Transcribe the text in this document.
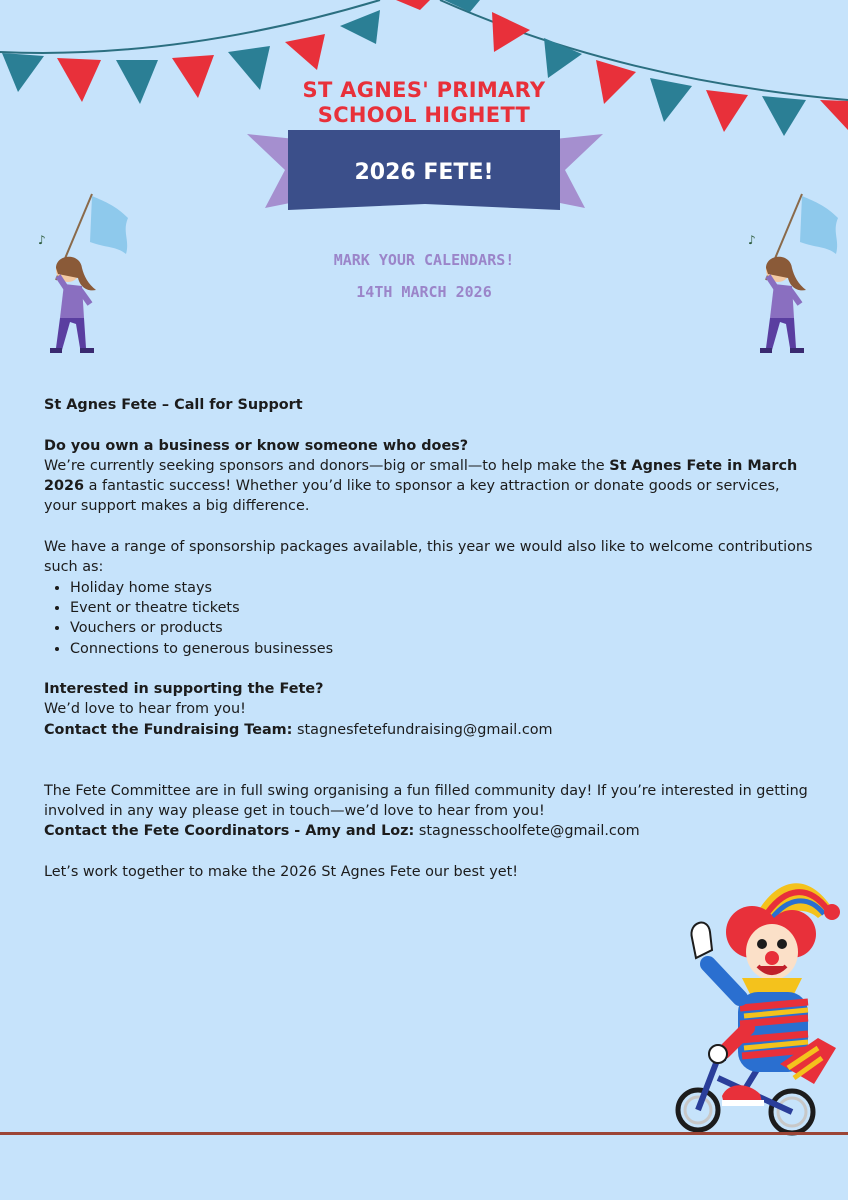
ST AGNES' PRIMARY
SCHOOL HIGHETT
2026 FETE!
MARK YOUR CALENDARS!
14TH MARCH 2026
♪	♪

St Agnes Fete – Call for Support

Do you own a business or know someone who does?

We’re currently seeking sponsors and donors—big or small—to help make the St Agnes Fete in March 2026 a fantastic success! Whether you’d like to sponsor a key attraction or donate goods or services, your support makes a big difference.

We have a range of sponsorship packages available, this year we would also like to welcome contributions such as:

• Holiday home stays
• Event or theatre tickets
• Vouchers or products
• Connections to generous businesses

Interested in supporting the Fete?

We’d love to hear from you!

Contact the Fundraising Team: stagnesfetefundraising@gmail.com

The Fete Committee are in full swing organising a fun filled community day! If you’re interested in getting involved in any way please get in touch—we’d love to hear from you!

Contact the Fete Coordinators - Amy and Loz: stagnesschoolfete@gmail.com

Let’s work together to make the 2026 St Agnes Fete our best yet!
